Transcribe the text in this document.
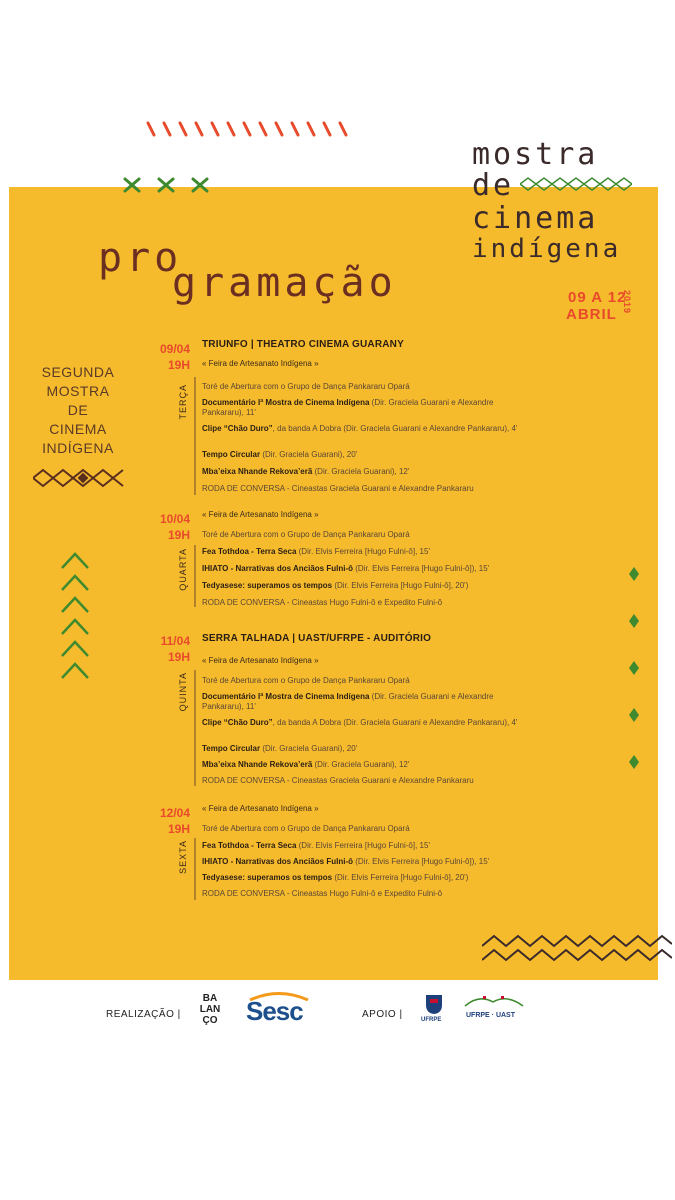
pro
gramação
mostra
de
cinema
indígena
09 A 12
ABRIL
2019
SEGUNDA
MOSTRA
DE
CINEMA
INDÍGENA
09/04
19H
TERÇA
TRIUNFO | THEATRO CINEMA GUARANY
« Feira de Artesanato Indígena »
Toré de Abertura com o Grupo de Dança Pankararu Opará
Documentário Iª Mostra de Cinema Indígena (Dir. Graciela Guarani e Alexandre Pankararu), 11'
Clipe “Chão Duro”, da banda A Dobra (Dir. Graciela Guarani e Alexandre Pankararu), 4'
Tempo Circular (Dir. Graciela Guarani), 20'
Mba’eixa Nhande Rekova’erã (Dir. Graciela Guarani), 12'
RODA DE CONVERSA - Cineastas Graciela Guarani e Alexandre Pankararu
10/04
19H
QUARTA
« Feira de Artesanato Indígena »
Toré de Abertura com o Grupo de Dança Pankararu Opará
Fea Tothdoa - Terra Seca (Dir. Elvis Ferreira [Hugo Fulni-ô], 15'
IHIATO - Narrativas dos Anciãos Fulni-ô (Dir. Elvis Ferreira [Hugo Fulni-ô]), 15'
Tedyasese: superamos os tempos (Dir. Elvis Ferreira [Hugo Fulni-ô], 20')
RODA DE CONVERSA - Cineastas Hugo Fulni-ô e Expedito Fulni-ô
11/04
19H
QUINTA
SERRA TALHADA | UAST/UFRPE - AUDITÓRIO
« Feira de Artesanato Indígena »
Toré de Abertura com o Grupo de Dança Pankararu Opará
Documentário Iª Mostra de Cinema Indígena (Dir. Graciela Guarani e Alexandre Pankararu), 11'
Clipe “Chão Duro”, da banda A Dobra (Dir. Graciela Guarani e Alexandre Pankararu), 4'
Tempo Circular (Dir. Graciela Guarani), 20'
Mba’eixa Nhande Rekova’erã (Dir. Graciela Guarani), 12'
RODA DE CONVERSA - Cineastas Graciela Guarani e Alexandre Pankararu
12/04
19H
SEXTA
« Feira de Artesanato Indígena »
Toré de Abertura com o Grupo de Dança Pankararu Opará
Fea Tothdoa - Terra Seca (Dir. Elvis Ferreira [Hugo Fulni-ô], 15'
IHIATO - Narrativas dos Anciãos Fulni-ô (Dir. Elvis Ferreira [Hugo Fulni-ô]), 15'
Tedyasese: superamos os tempos (Dir. Elvis Ferreira [Hugo Fulni-ô], 20')
RODA DE CONVERSA - Cineastas Hugo Fulni-ô e Expedito Fulni-ô
REALIZAÇÃO |
BA
LAN
ÇO	Sesc	APOIO |	UFRPE
UFRPE · UAST
